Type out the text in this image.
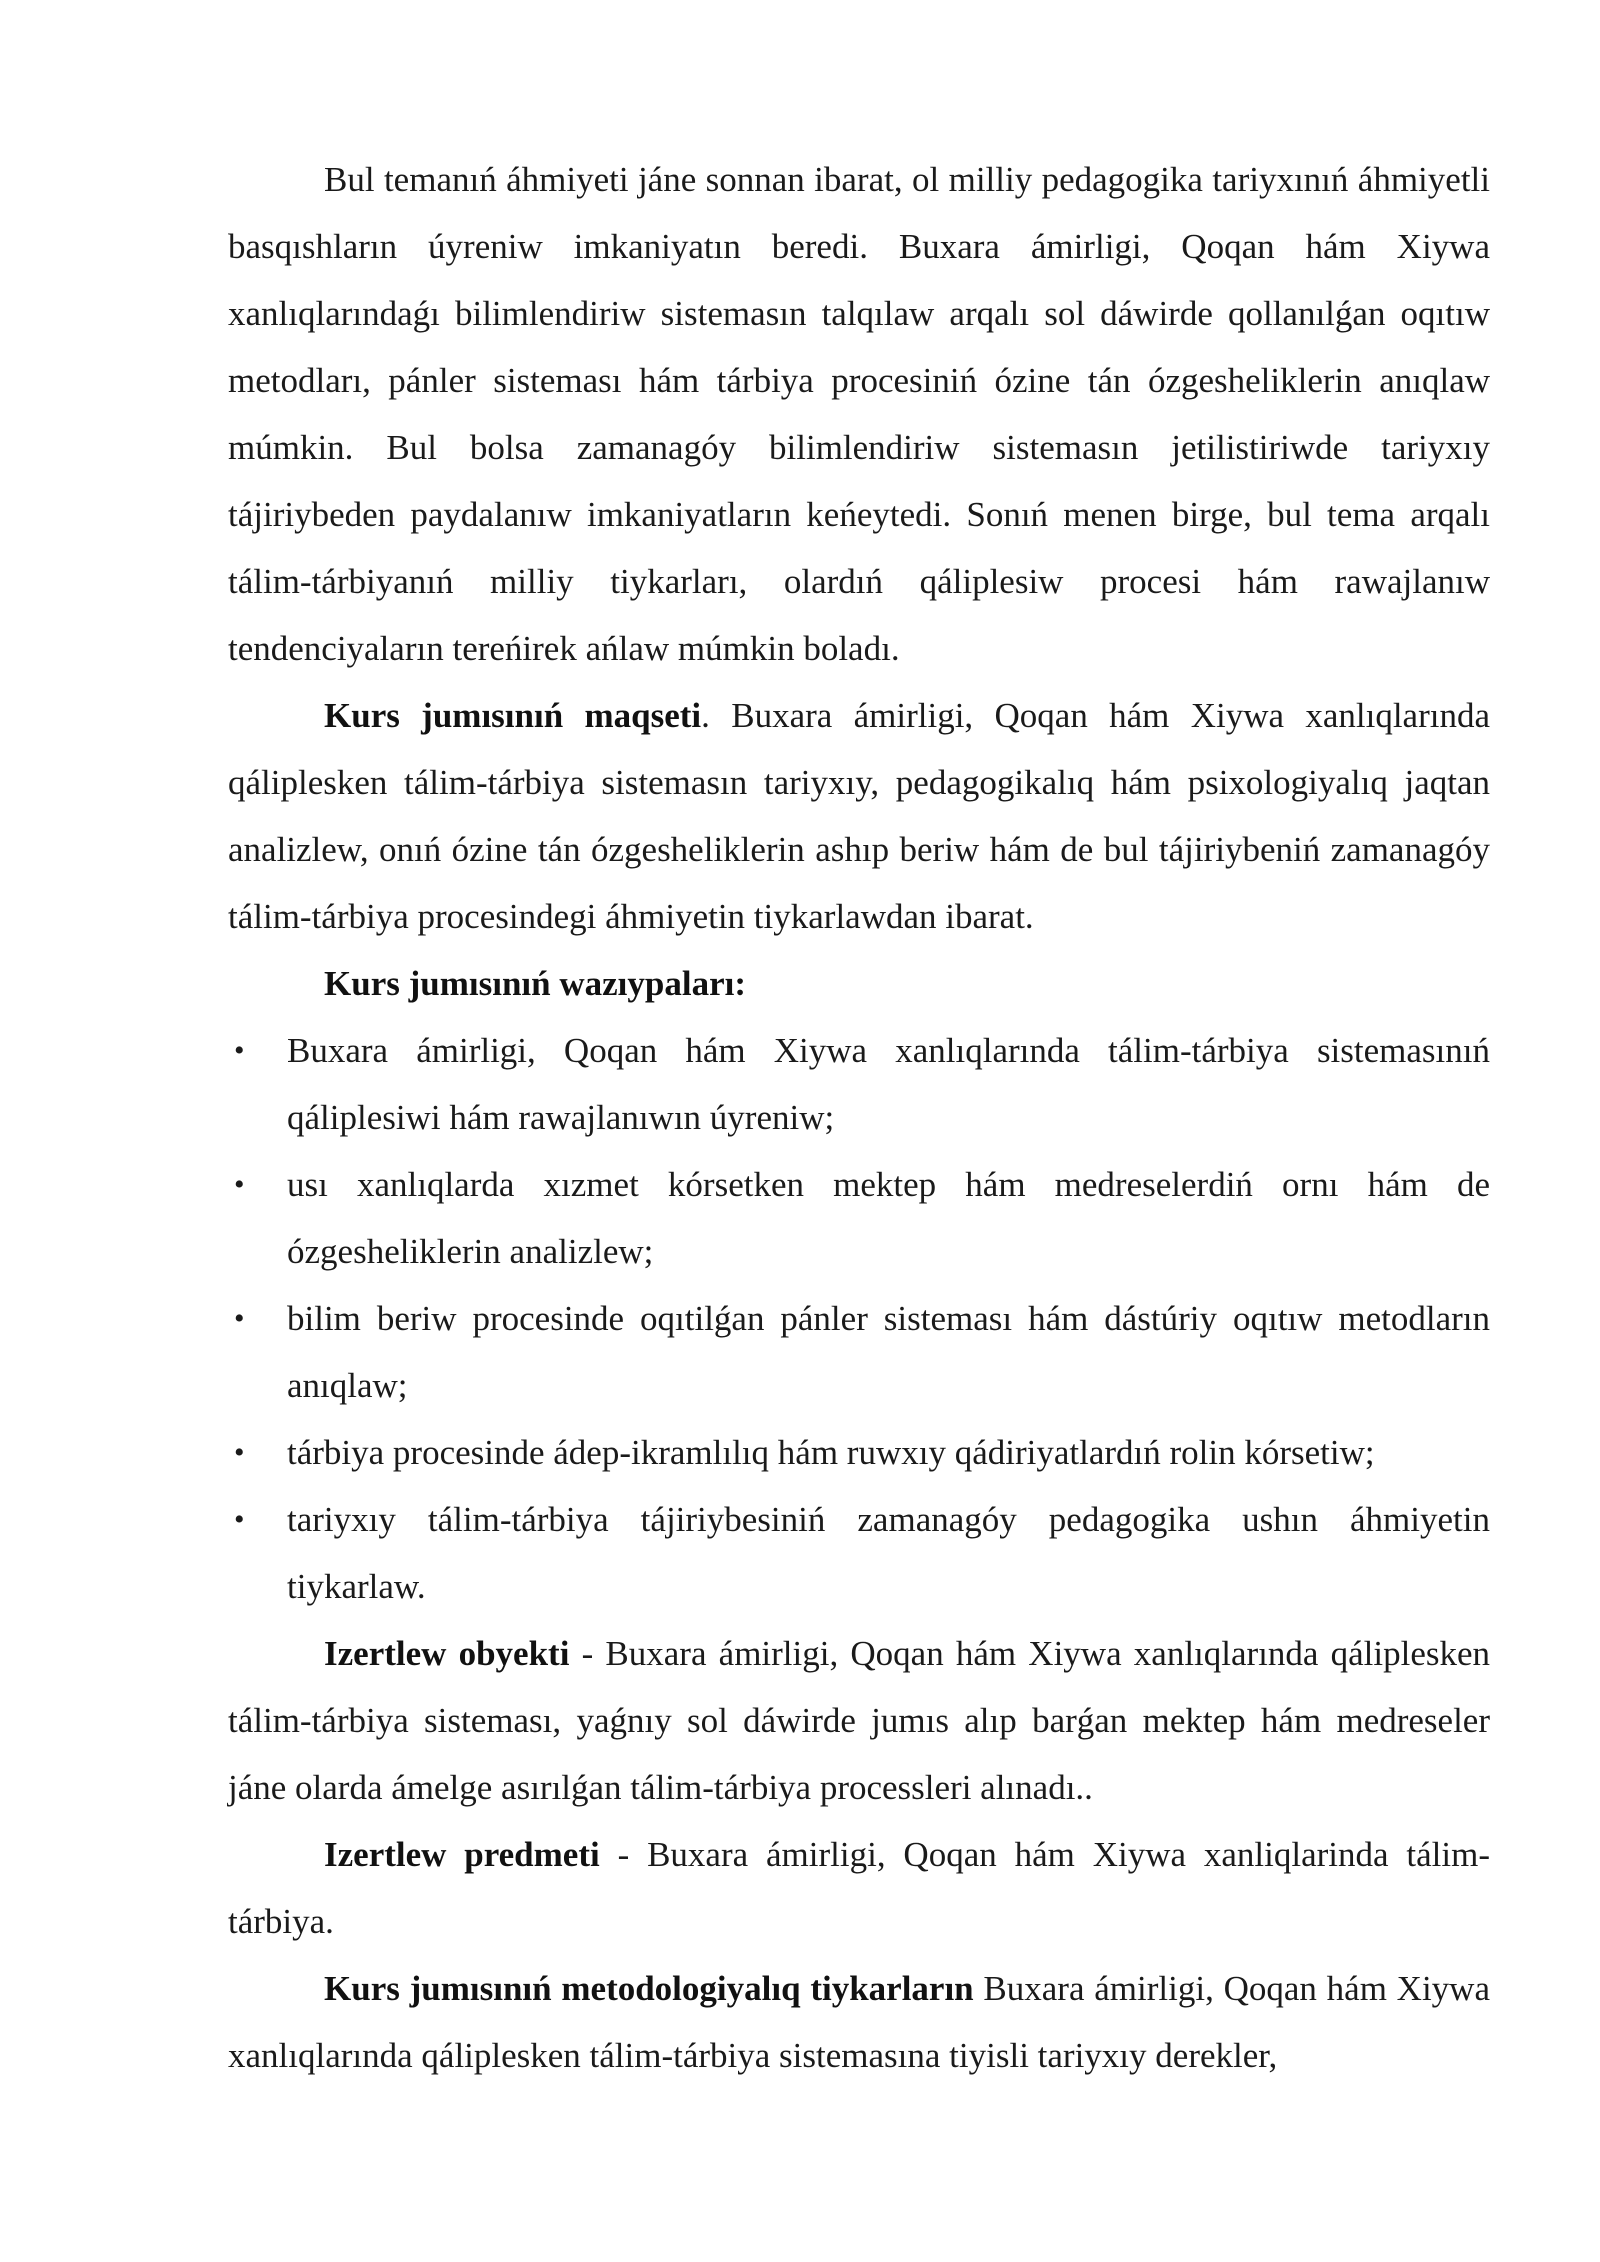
Bul temanıń áhmiyeti jáne sonnan ibarat, ol milliy pedagogika tariyxınıń áhmiyetli basqıshların úyreniw imkaniyatın beredi. Buxara ámirligi, Qoqan hám Xiywa xanlıqlarındaǵı bilimlendiriw sistemasın talqılaw arqalı sol dáwirde qollanılǵan oqıtıw metodları, pánler sisteması hám tárbiya procesiniń ózine tán ózgesheliklerin anıqlaw múmkin. Bul bolsa zamanagóy bilimlendiriw sistemasın jetilistiriwde tariyxıy tájiriybeden paydalanıw imkaniyatların keńeytedi. Sonıń menen birge, bul tema arqalı tálim-tárbiyanıń milliy tiykarları, olardıń qáliplesiw procesi hám rawajlanıw tendenciyaların tereńirek ańlaw múmkin boladı.

Kurs jumısınıń maqseti. Buxara ámirligi, Qoqan hám Xiywa xanlıqlarında qáliplesken tálim-tárbiya sistemasın tariyxıy, pedagogikalıq hám psixologiyalıq jaqtan analizlew, onıń ózine tán ózgesheliklerin ashıp beriw hám de bul tájiriybeniń zamanagóy tálim-tárbiya procesindegi áhmiyetin tiykarlawdan ibarat.

Kurs jumısınıń wazıypaları:

• Buxara ámirligi, Qoqan hám Xiywa xanlıqlarında tálim-tárbiya sistemasınıń qáliplesiwi hám rawajlanıwın úyreniw;
• usı xanlıqlarda xızmet kórsetken mektep hám medreselerdiń ornı hám de ózgesheliklerin analizlew;
• bilim beriw procesinde oqıtilǵan pánler sisteması hám dástúriy oqıtıw metodların anıqlaw;
• tárbiya procesinde ádep-ikramlılıq hám ruwxıy qádiriyatlardıń rolin kórsetiw;
• tariyxıy tálim-tárbiya tájiriybesiniń zamanagóy pedagogika ushın áhmiyetin tiykarlaw.

Izertlew obyekti - Buxara ámirligi, Qoqan hám Xiywa xanlıqlarında qáliplesken tálim-tárbiya sisteması, yaǵnıy sol dáwirde jumıs alıp barǵan mektep hám medreseler jáne olarda ámelge asırılǵan tálim-tárbiya processleri alınadı..

Izertlew predmeti - Buxara ámirligi, Qoqan hám Xiywa xanliqlarinda tálim-tárbiya.

Kurs jumısınıń metodologiyalıq tiykarların Buxara ámirligi, Qoqan hám Xiywa xanlıqlarında qáliplesken tálim-tárbiya sistemasına tiyisli tariyxıy derekler,
